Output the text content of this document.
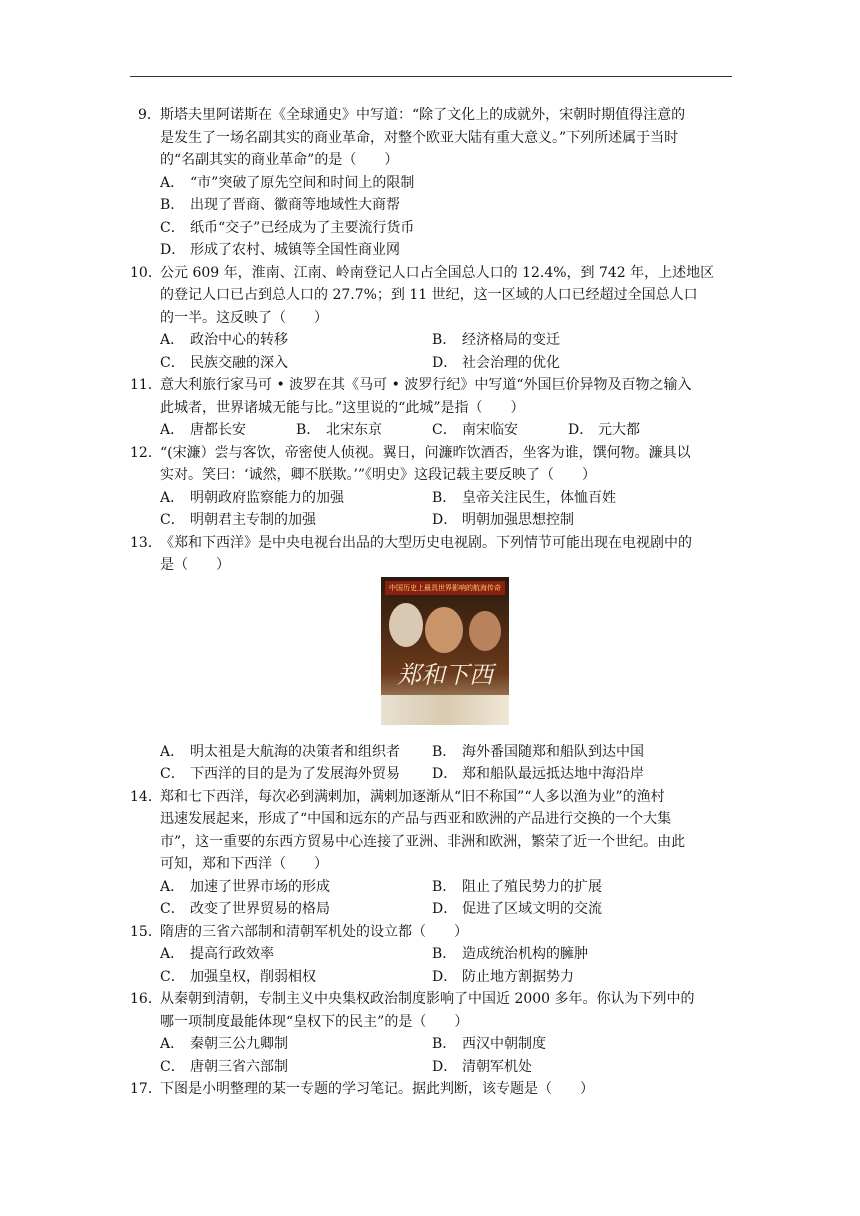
9． 斯塔夫里阿诺斯在《全球通史》中写道：“除了文化上的成就外，宋朝时期值得注意的
是发生了一场名副其实的商业革命，对整个欧亚大陆有重大意义。”下列所述属于当时
的“名副其实的商业革命”的是（　　）
A． “市”突破了原先空间和时间上的限制
B． 出现了晋商、徽商等地域性大商帮
C． 纸币“交子”已经成为了主要流行货币
D． 形成了农村、城镇等全国性商业网
10．
公元 609 年，淮南、江南、岭南登记人口占全国总人口的 12.4%，到 742 年，上述地区
的登记人口已占到总人口的 27.7%；到 11 世纪，这一区域的人口已经超过全国总人口
的一半。这反映了（　　）
A． 政治中心的转移	B． 经济格局的变迁
C． 民族交融的深入	D． 社会治理的优化
11．
意大利旅行家马可 • 波罗在其《马可 • 波罗行纪》中写道“外国巨价异物及百物之输入
此城者，世界诸城无能与比。”这里说的“此城”是指（　　）
A． 唐都长安	B． 北宋东京	C． 南宋临安	D． 元大都
12．
“(宋濂）尝与客饮，帝密使人侦视。翼日，问濂昨饮酒否，坐客为谁，馔何物。濂具以
实对。笑曰：‘诚然，卿不朕欺。’”《明史》这段记载主要反映了（　　）
A． 明朝政府监察能力的加强	B． 皇帝关注民生，体恤百姓
C． 明朝君主专制的加强	D． 明朝加强思想控制
13．
《郑和下西洋》是中央电视台出品的大型历史电视剧。下列情节可能出现在电视剧中的
是（　　）
中国历史上最具世界影响的航海传奇
郑和下西
A． 明太祖是大航海的决策者和组织者	B． 海外番国随郑和船队到达中国
C． 下西洋的目的是为了发展海外贸易	D． 郑和船队最远抵达地中海沿岸
14．
郑和七下西洋，每次必到满剌加，满剌加逐渐从“旧不称国”“人多以渔为业”的渔村
迅速发展起来，形成了“中国和远东的产品与西亚和欧洲的产品进行交换的一个大集
市”，这一重要的东西方贸易中心连接了亚洲、非洲和欧洲，繁荣了近一个世纪。由此
可知，郑和下西洋（　　）
A． 加速了世界市场的形成	B． 阻止了殖民势力的扩展
C． 改变了世界贸易的格局	D． 促进了区域文明的交流
15．
隋唐的三省六部制和清朝军机处的设立都（　　）
A． 提高行政效率	B． 造成统治机构的臃肿
C． 加强皇权，削弱相权	D． 防止地方割据势力
16．
从秦朝到清朝，专制主义中央集权政治制度影响了中国近 2000 多年。你认为下列中的
哪一项制度最能体现“皇权下的民主”的是（　　）
A． 秦朝三公九卿制	B． 西汉中朝制度
C． 唐朝三省六部制	D． 清朝军机处
17．
下图是小明整理的某一专题的学习笔记。据此判断，该专题是（　　）
